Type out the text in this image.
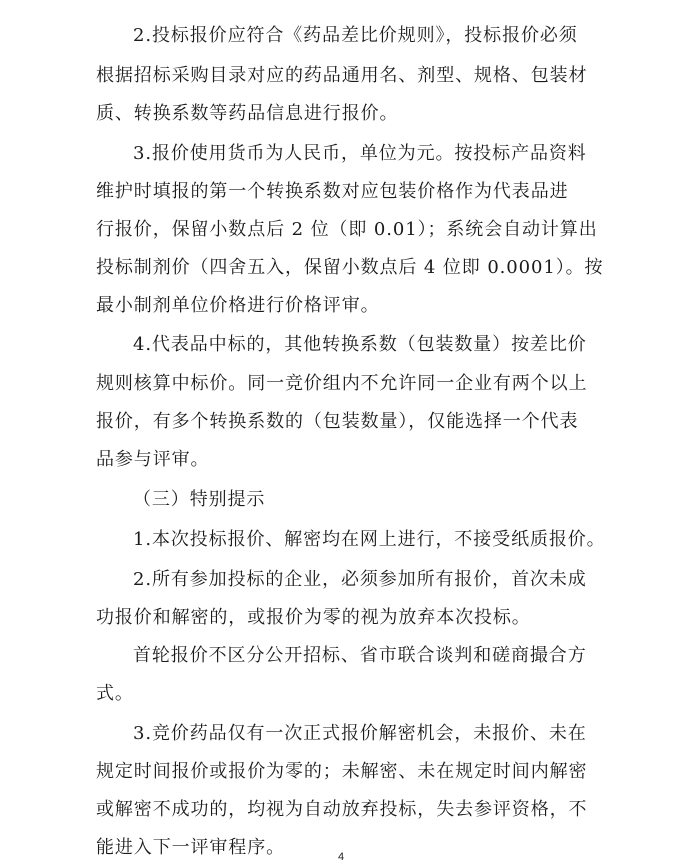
2.投标报价应符合《药品差比价规则》，投标报价必须
根据招标采购目录对应的药品通用名、剂型、规格、包装材
质、转换系数等药品信息进行报价。
3.报价使用货币为人民币，单位为元。按投标产品资料
维护时填报的第一个转换系数对应包装价格作为代表品进
行报价，保留小数点后 2 位（即 0.01）；系统会自动计算出
投标制剂价（四舍五入，保留小数点后 4 位即 0.0001）。按
最小制剂单位价格进行价格评审。
4.代表品中标的，其他转换系数（包装数量）按差比价
规则核算中标价。同一竞价组内不允许同一企业有两个以上
报价，有多个转换系数的（包装数量），仅能选择一个代表
品参与评审。
（三）特别提示
1.本次投标报价、解密均在网上进行，不接受纸质报价。
2.所有参加投标的企业，必须参加所有报价，首次未成
功报价和解密的，或报价为零的视为放弃本次投标。
首轮报价不区分公开招标、省市联合谈判和磋商撮合方
式。
3.竞价药品仅有一次正式报价解密机会，未报价、未在
规定时间报价或报价为零的；未解密、未在规定时间内解密
或解密不成功的，均视为自动放弃投标，失去参评资格，不
能进入下一评审程序。	4
